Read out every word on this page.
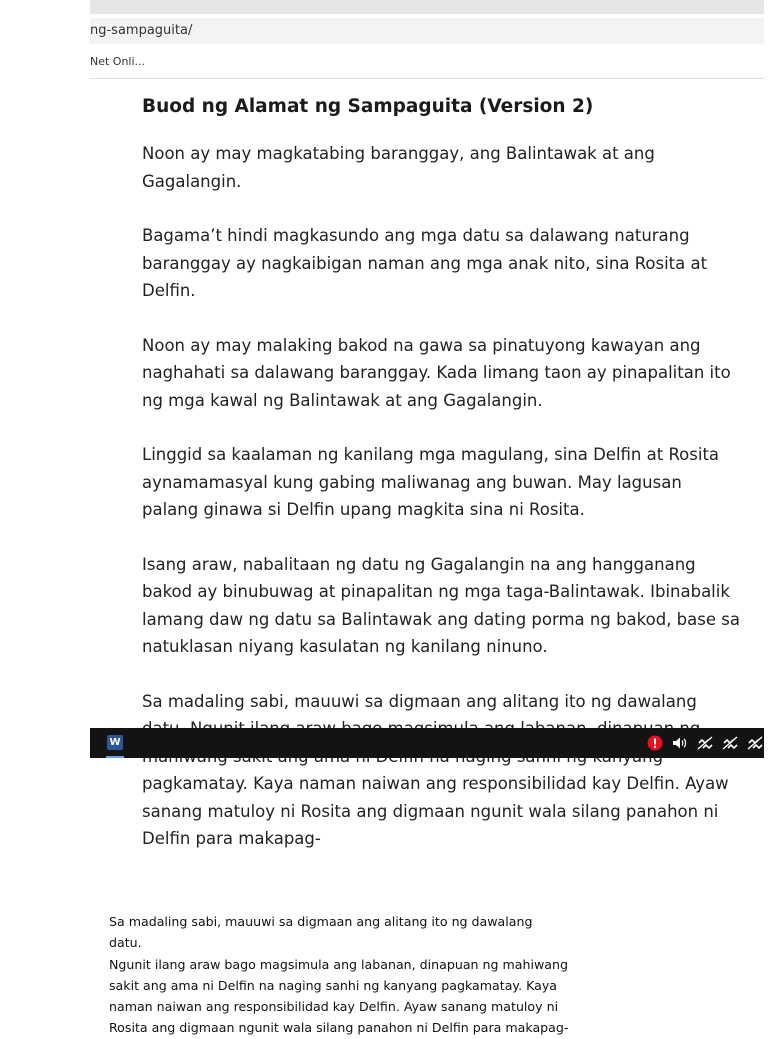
ng-sampaguita/
Net Onli...
Buod ng Alamat ng Sampaguita (Version 2)

Noon ay may magkatabing baranggay, ang Balintawak at ang Gagalangin.

Bagama’t hindi magkasundo ang mga datu sa dalawang naturang baranggay ay nagkaibigan naman ang mga anak nito, sina Rosita at Delfin.

Noon ay may malaking bakod na gawa sa pinatuyong kawayan ang naghahati sa dalawang baranggay. Kada limang taon ay pinapalitan ito ng mga kawal ng Balintawak at ang Gagalangin.

Linggid sa kaalaman ng kanilang mga magulang, sina Delfin at Rosita aynamamasyal kung gabing maliwanag ang buwan. May lagusan palang ginawa si Delfin upang magkita sina ni Rosita.

Isang araw, nabalitaan ng datu ng Gagalangin na ang hangganang bakod ay binubuwag at pinapalitan ng mga taga-Balintawak. Ibinabalik lamang daw ng datu sa Balintawak ang dating porma ng bakod, base sa natuklasan niyang kasulatan ng kanilang ninuno.

Sa madaling sabi, mauuwi sa digmaan ang alitang ito ng dawalang pagkamatay. Kaya naman naiwan ang responsibilidad kay Delfin. Ayaw sanang matuloy ni Rosita ang digmaan ngunit wala silang panahon ni Delfin para makapag-

W

Sa madaling sabi, mauuwi sa digmaan ang alitang ito ng dawalang datu.
Ngunit ilang araw bago magsimula ang labanan, dinapuan ng mahiwang
sakit ang ama ni Delfin na naging sanhi ng kanyang pagkamatay. Kaya
naman naiwan ang responsibilidad kay Delfin. Ayaw sanang matuloy ni
Rosita ang digmaan ngunit wala silang panahon ni Delfin para makapag-
